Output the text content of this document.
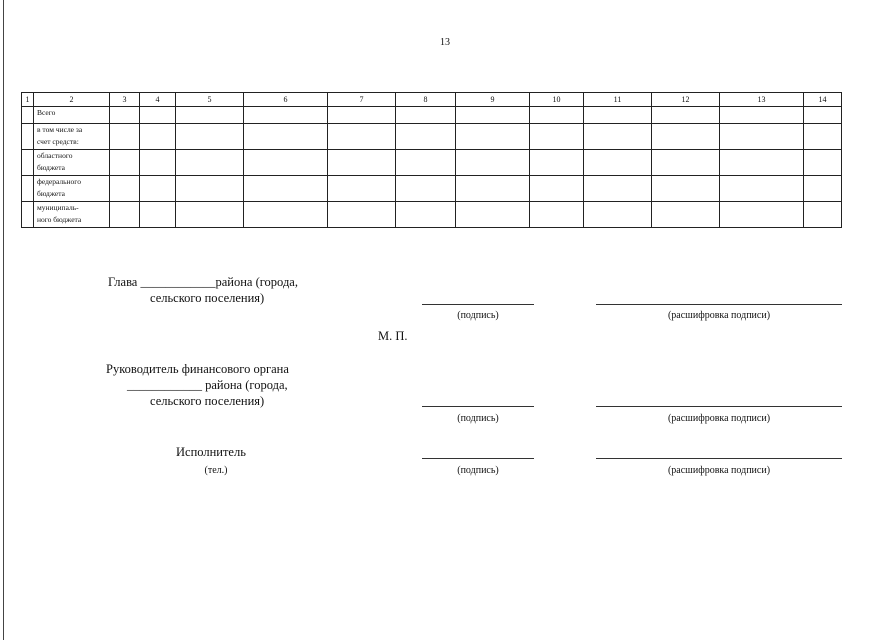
13
1	2	3	4	5	6	7	8	9	10	11	12	13	14
	Всего												
	в том числе за
счет средств:												
	областного
бюджета												
	федерального
бюджета												
	муниципаль-
ного бюджета												
Глава ____________района (города,
сельского поселения)
(подпись)	(расшифровка подписи)
М. П.
Руководитель финансового органа
____________ района (города,
сельского поселения)
(подпись)	(расшифровка подписи)
Исполнитель
(тел.)	(подпись)	(расшифровка подписи)
